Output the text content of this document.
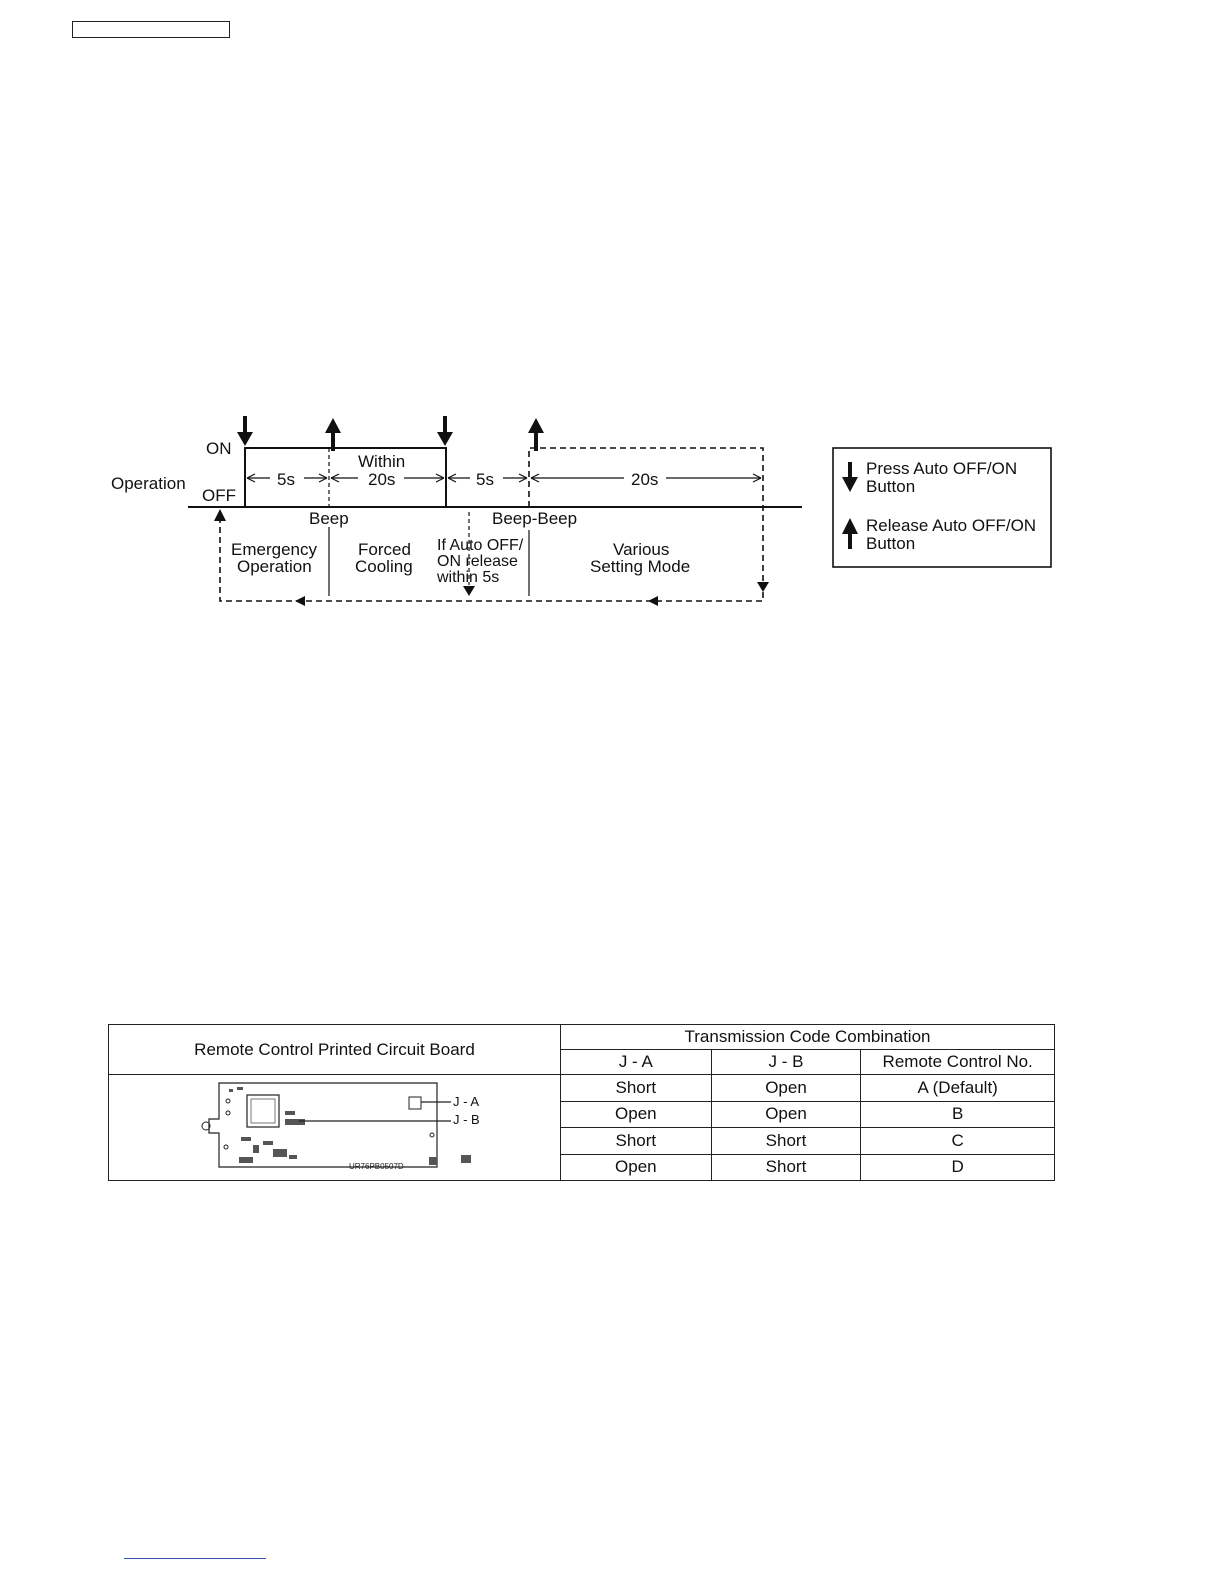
ON
OFF
Operation	5s
Within
20s	5s	20s
Beep	Beep-Beep
Emergency
Operation
Forced
Cooling
If Auto OFF/
ON release
within 5s
Various
Setting Mode
Press Auto OFF/ON
Button
Release Auto OFF/ON
Button
Remote Control Printed Circuit Board	Transmission Code Combination		
	J - A	J - B	Remote Control No.

J - A
J - B
UR76PB0507D	Short	Open	A (Default)
	Open	Open	B
	Short	Short	C
	Open	Short	D
